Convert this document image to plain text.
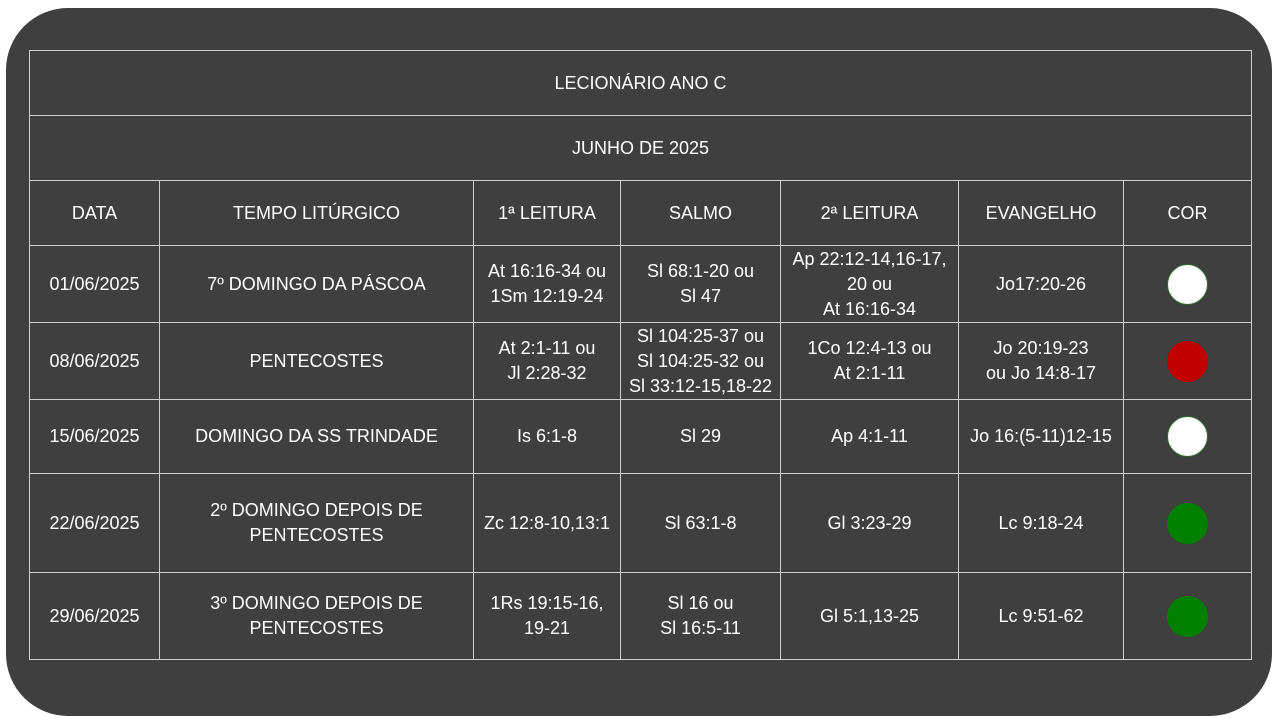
LECIONÁRIO ANO C						
JUNHO DE 2025						
DATA	TEMPO LITÚRGICO	1ª LEITURA	SALMO	2ª LEITURA	EVANGELHO	COR
01/06/2025	7º DOMINGO DA PÁSCOA	At 16:16-34 ou
1Sm 12:19-24	Sl 68:1-20 ou
Sl 47	Ap 22:12-14,16-17,
20 ou
At 16:16-34	Jo17:20-26	

08/06/2025	PENTECOSTES	At 2:1-11 ou
Jl 2:28-32	Sl 104:25-37 ou
Sl 104:25-32 ou
Sl 33:12-15,18-22	1Co 12:4-13 ou
At 2:1-11	Jo 20:19-23
ou Jo 14:8-17	

15/06/2025	DOMINGO DA SS TRINDADE	Is 6:1-8	Sl 29	Ap 4:1-11	Jo 16:(5-11)12-15	

22/06/2025	2º DOMINGO DEPOIS DE
PENTECOSTES	Zc 12:8-10,13:1	Sl 63:1-8	Gl 3:23-29	Lc 9:18-24	

29/06/2025	3º DOMINGO DEPOIS DE
PENTECOSTES	1Rs 19:15-16,
19-21	Sl 16 ou
Sl 16:5-11	Gl 5:1,13-25	Lc 9:51-62	
